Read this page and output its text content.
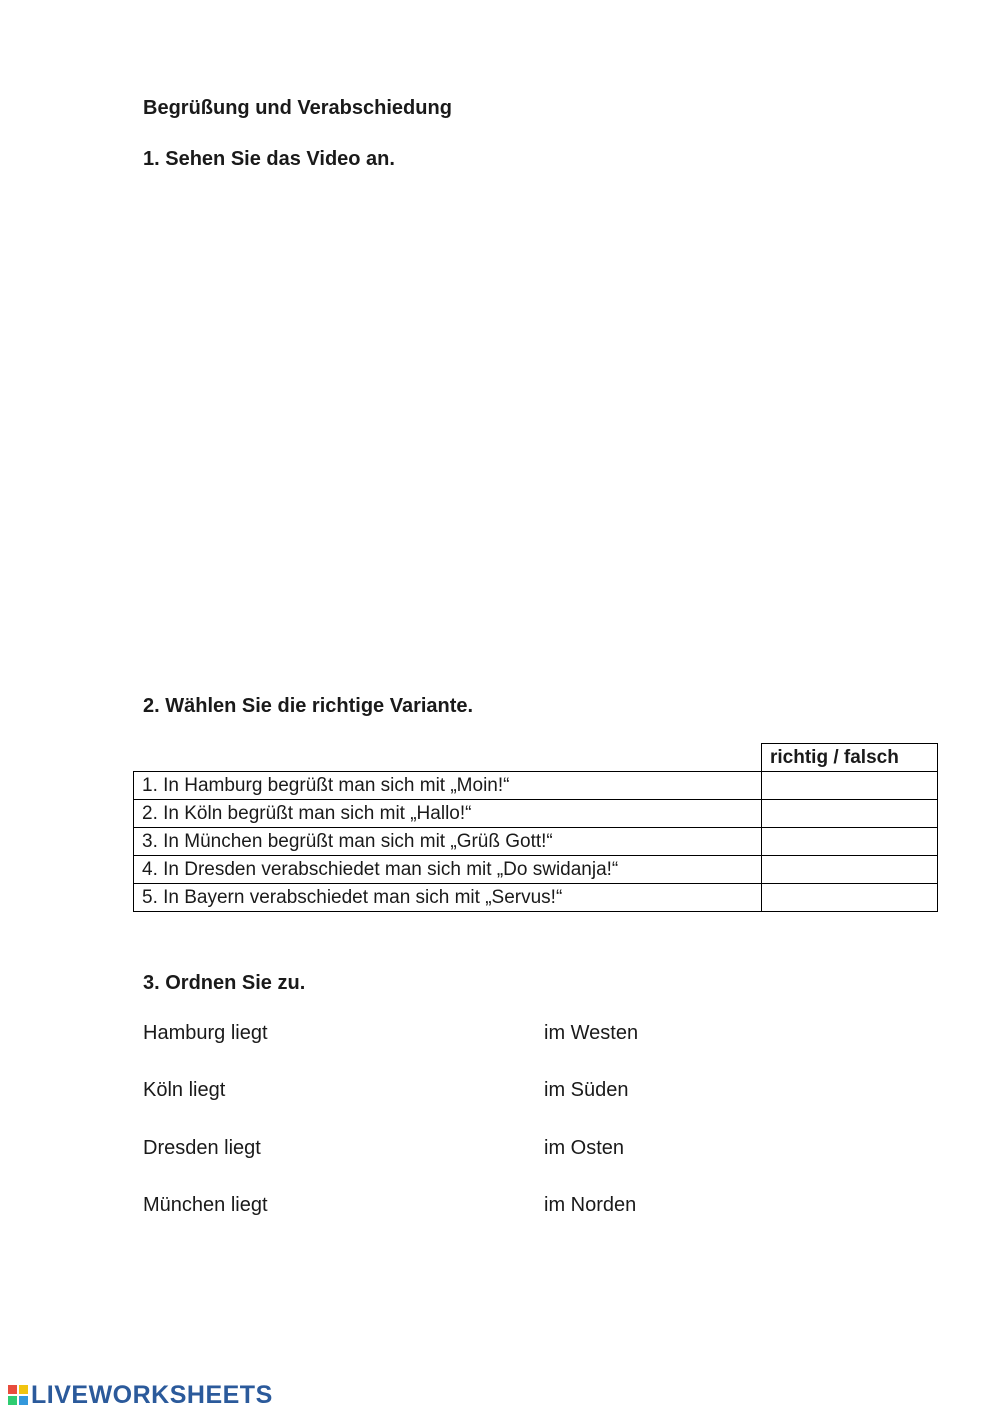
Begrüßung und Verabschiedung
1. Sehen Sie das Video an.
2. Wählen Sie die richtige Variante.
	richtig / falsch
1. In Hamburg begrüßt man sich mit „Moin!“	
2. In Köln begrüßt man sich mit „Hallo!“	
3. In München begrüßt man sich mit „Grüß Gott!“	
4. In Dresden verabschiedet man sich mit „Do swidanja!“	
5. In Bayern verabschiedet man sich mit „Servus!“	
3. Ordnen Sie zu.
Hamburg liegt	im Westen
Köln liegt	im Süden
Dresden liegt	im Osten
München liegt	im Norden
LIVEWORKSHEETS
